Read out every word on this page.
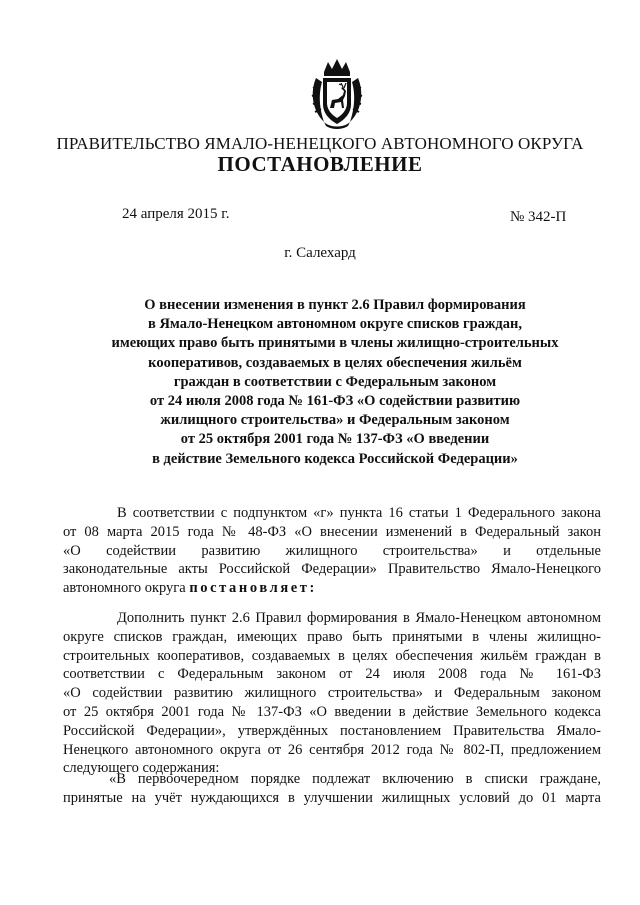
ПРАВИТЕЛЬСТВО ЯМАЛО-НЕНЕЦКОГО АВТОНОМНОГО ОКРУГА
ПОСТАНОВЛЕНИЕ
24 апреля 2015 г.	№ 342-П
г. Салехард
О внесении изменения в пункт 2.6 Правил формирования
в Ямало-Ненецком автономном округе списков граждан,
имеющих право быть принятыми в члены жилищно-строительных
кооперативов, создаваемых в целях обеспечения жильём
граждан в соответствии с Федеральным законом
от 24 июля 2008 года № 161-ФЗ «О содействии развитию
жилищного строительства» и Федеральным законом
от 25 октября 2001 года № 137-ФЗ «О введении
в действие Земельного кодекса Российской Федерации»
В соответствии с подпунктом «г» пункта 16 статьи 1 Федерального закона
от 08 марта 2015 года № 48-ФЗ «О внесении изменений в Федеральный закон
«О содействии развитию жилищного строительства» и отдельные
законодательные акты Российской Федерации» Правительство Ямало-Ненецкого
автономного округа постановляет:
Дополнить пункт 2.6 Правил формирования в Ямало-Ненецком автономном
округе списков граждан, имеющих право быть принятыми в члены жилищно-
строительных кооперативов, создаваемых в целях обеспечения жильём граждан в
соответствии с Федеральным законом от 24 июля 2008 года № 161-ФЗ
«О содействии развитию жилищного строительства» и Федеральным законом
от 25 октября 2001 года № 137-ФЗ «О введении в действие Земельного кодекса
Российской Федерации», утверждённых постановлением Правительства Ямало-
Ненецкого автономного округа от 26 сентября 2012 года № 802-П, предложением
следующего содержания:
«В первоочередном порядке подлежат включению в списки граждане,
принятые на учёт нуждающихся в улучшении жилищных условий до 01 марта
